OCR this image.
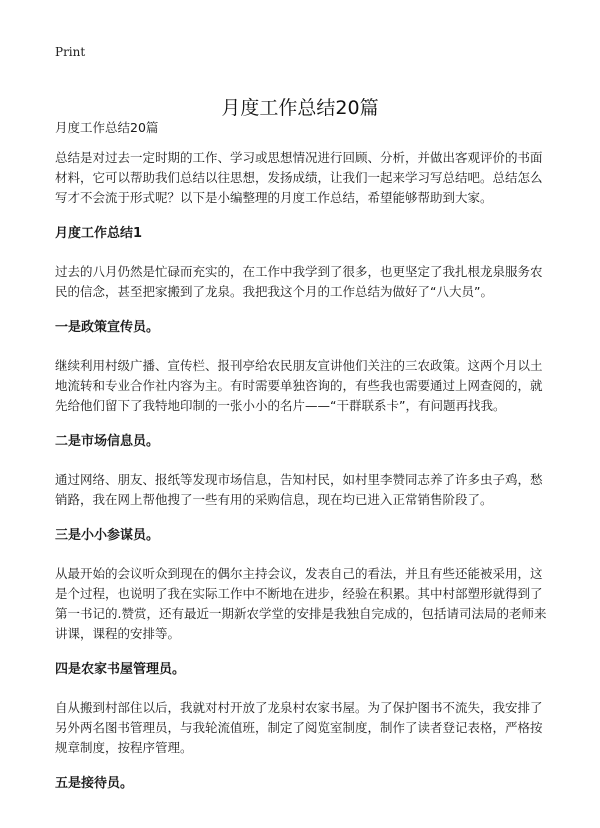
Print
月度工作总结20篇

月度工作总结20篇

总结是对过去一定时期的工作、学习或思想情况进行回顾、分析，并做出客观评价的书面材料，它可以帮助我们总结以往思想，发扬成绩，让我们一起来学习写总结吧。总结怎么写才不会流于形式呢？以下是小编整理的月度工作总结，希望能够帮助到大家。

月度工作总结1

过去的八月仍然是忙碌而充实的，在工作中我学到了很多，也更坚定了我扎根龙泉服务农民的信念，甚至把家搬到了龙泉。我把我这个月的工作总结为做好了“八大员”。

一是政策宣传员。

继续利用村级广播、宣传栏、报刊亭给农民朋友宣讲他们关注的三农政策。这两个月以土地流转和专业合作社内容为主。有时需要单独咨询的，有些我也需要通过上网查阅的，就先给他们留下了我特地印制的一张小小的名片——“干群联系卡”，有问题再找我。

二是市场信息员。

通过网络、朋友、报纸等发现市场信息，告知村民，如村里李赞同志养了许多虫子鸡，愁销路，我在网上帮他搜了一些有用的采购信息，现在均已进入正常销售阶段了。

三是小小参谋员。

从最开始的会议听众到现在的偶尔主持会议，发表自己的看法，并且有些还能被采用，这是个过程，也说明了我在实际工作中不断地在进步，经验在积累。其中村部塑形就得到了第一书记的.赞赏，还有最近一期新农学堂的安排是我独自完成的，包括请司法局的老师来讲课，课程的安排等。

四是农家书屋管理员。

自从搬到村部住以后，我就对村开放了龙泉村农家书屋。为了保护图书不流失，我安排了另外两名图书管理员，与我轮流值班，制定了阅览室制度，制作了读者登记表格，严格按规章制度，按程序管理。

五是接待员。
